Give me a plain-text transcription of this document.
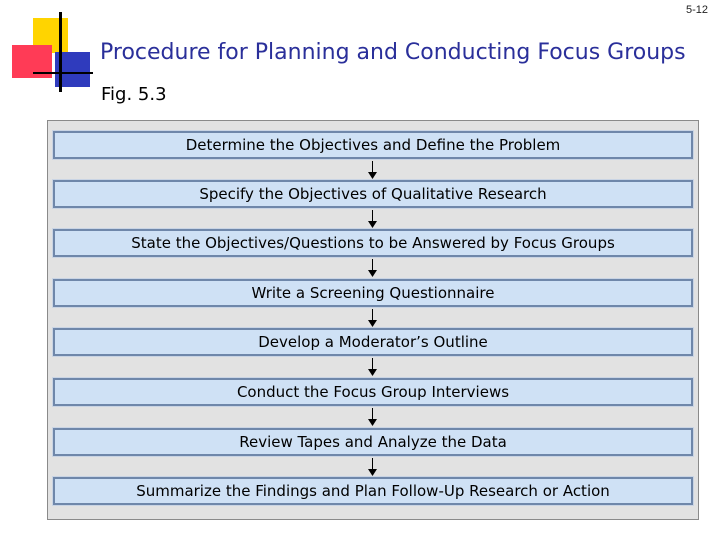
5-12
Procedure for Planning and Conducting Focus Groups
Fig. 5.3
Determine the Objectives and Define the Problem
Specify the Objectives of Qualitative Research
State the Objectives/Questions to be Answered by Focus Groups
Write a Screening Questionnaire
Develop a Moderator’s Outline
Conduct the Focus Group Interviews
Review Tapes and Analyze the Data
Summarize the Findings and Plan Follow-Up Research or Action
